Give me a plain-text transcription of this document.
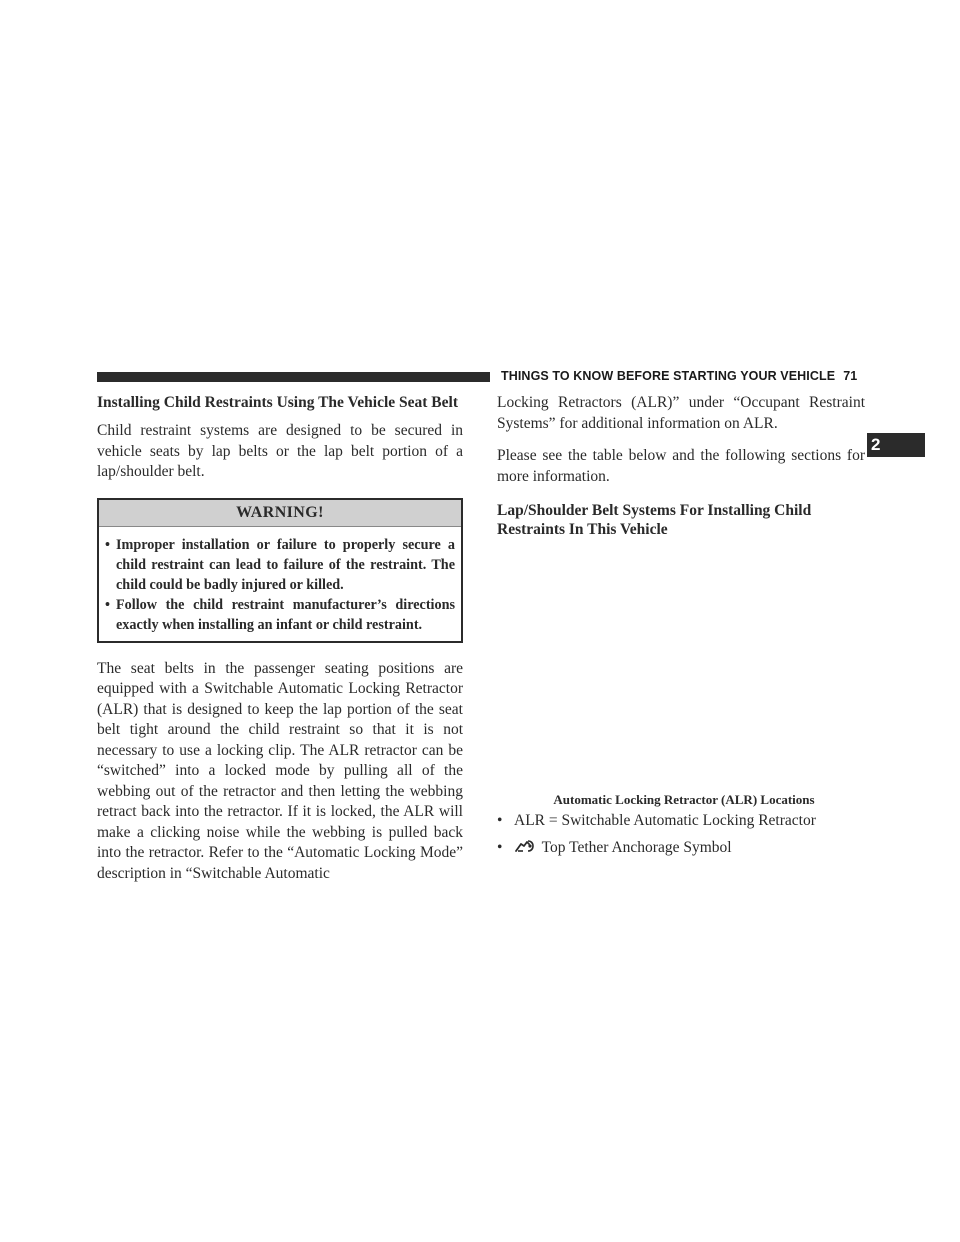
THINGS TO KNOW BEFORE STARTING YOUR VEHICLE 71
2
Installing Child Restraints Using The Vehicle Seat Belt

Child restraint systems are designed to be secured in vehicle seats by lap belts or the lap belt portion of a lap/shoulder belt.

WARNING!
• Improper installation or failure to properly secure a child restraint can lead to failure of the restraint. The child could be badly injured or killed.
• Follow the child restraint manufacturer’s directions exactly when installing an infant or child restraint.

The seat belts in the passenger seating positions are equipped with a Switchable Automatic Locking Retractor (ALR) that is designed to keep the lap portion of the seat belt tight around the child restraint so that it is not necessary to use a locking clip. The ALR retractor can be “switched” into a locked mode by pulling all of the webbing out of the retractor and then letting the webbing retract back into the retractor. If it is locked, the ALR will make a clicking noise while the webbing is pulled back into the retractor. Refer to the “Automatic Locking Mode” description in “Switchable Automatic

Locking Retractors (ALR)” under “Occupant Restraint Systems” for additional information on ALR.

Please see the table below and the following sections for more information.

Lap/Shoulder Belt Systems For Installing Child Restraints In This Vehicle

Automatic Locking Retractor (ALR) Locations

• ALR = Switchable Automatic Locking Retractor
•	Top Tether Anchorage Symbol
